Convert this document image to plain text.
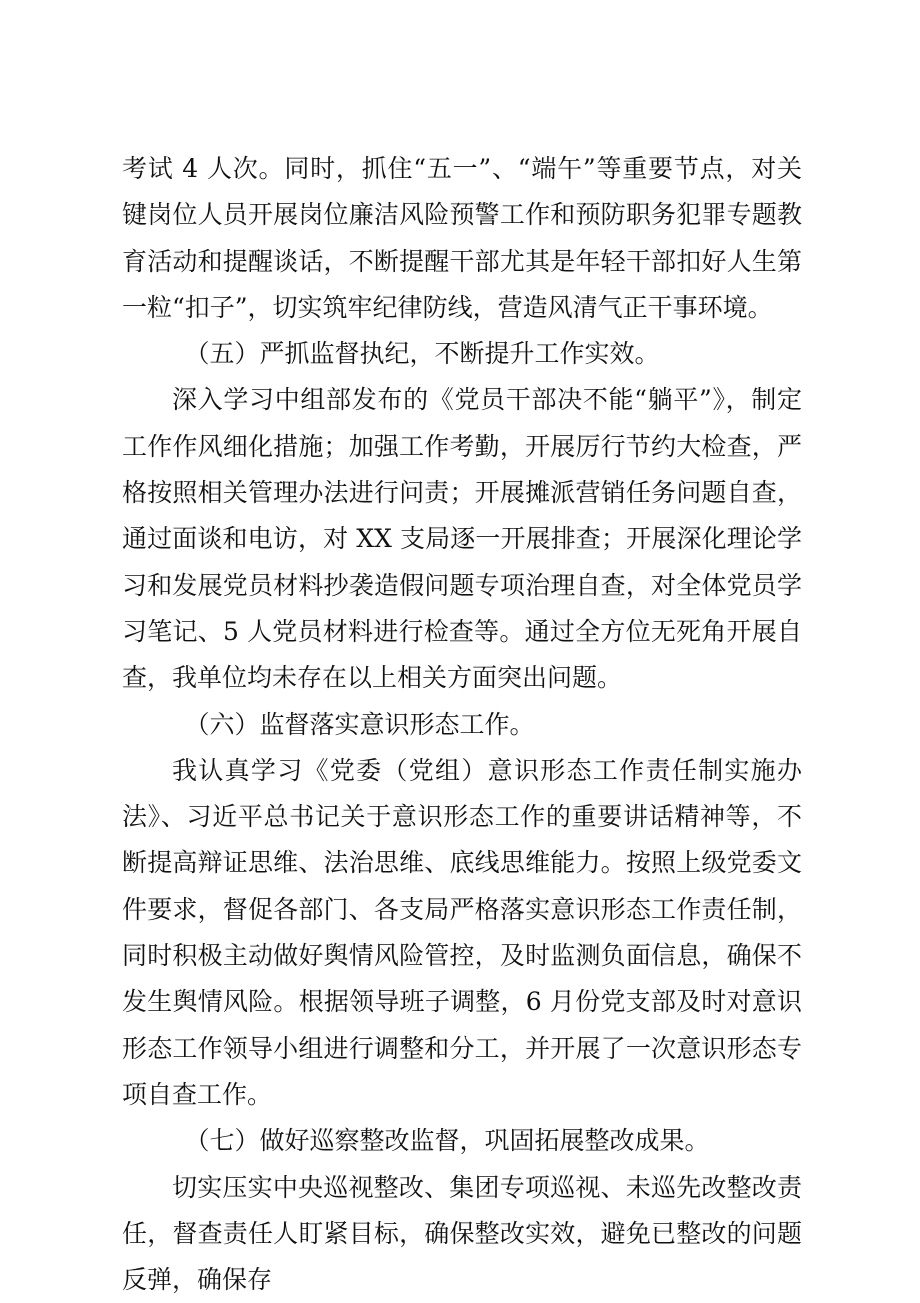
考试 4 人次。同时，抓住“五一”、“端午”等重要节点，对关键岗位人员开展岗位廉洁风险预警工作和预防职务犯罪专题教育活动和提醒谈话，不断提醒干部尤其是年轻干部扣好人生第一粒“扣子”，切实筑牢纪律防线，营造风清气正干事环境。

（五）严抓监督执纪，不断提升工作实效。

深入学习中组部发布的《党员干部决不能“躺平”》，制定工作作风细化措施；加强工作考勤，开展厉行节约大检查，严格按照相关管理办法进行问责；开展摊派营销任务问题自查，通过面谈和电访，对 XX 支局逐一开展排查；开展深化理论学习和发展党员材料抄袭造假问题专项治理自查，对全体党员学习笔记、5 人党员材料进行检查等。通过全方位无死角开展自查，我单位均未存在以上相关方面突出问题。

（六）监督落实意识形态工作。

我认真学习《党委（党组）意识形态工作责任制实施办法》、习近平总书记关于意识形态工作的重要讲话精神等，不断提高辩证思维、法治思维、底线思维能力。按照上级党委文件要求，督促各部门、各支局严格落实意识形态工作责任制，同时积极主动做好舆情风险管控，及时监测负面信息，确保不发生舆情风险。根据领导班子调整，6 月份党支部及时对意识形态工作领导小组进行调整和分工，并开展了一次意识形态专项自查工作。

（七）做好巡察整改监督，巩固拓展整改成果。

切实压实中央巡视整改、集团专项巡视、未巡先改整改责任，督查责任人盯紧目标，确保整改实效，避免已整改的问题反弹，确保存
